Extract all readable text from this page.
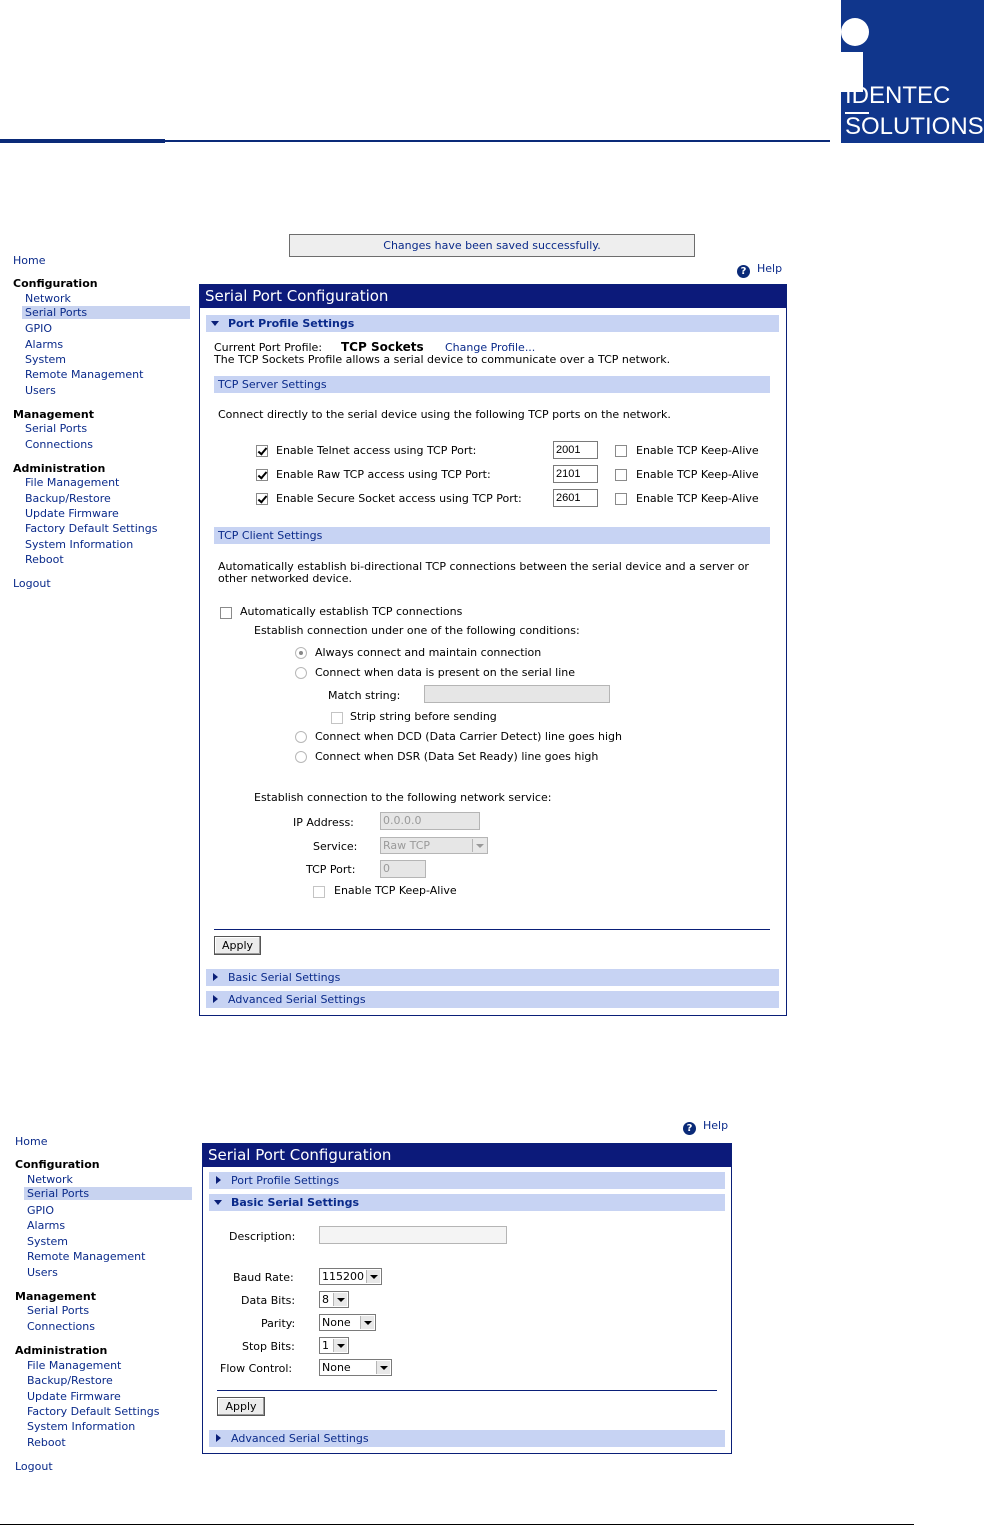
IDENTEC
SOLUTIONS
Changes have been saved successfully.
? Help
Home
Configuration
Network
Serial Ports
GPIO
Alarms
System
Remote Management
Users
Management
Serial Ports
Connections
Administration
File Management
Backup/Restore
Update Firmware
Factory Default Settings
System Information
Reboot
Logout
Serial Port Configuration
Port Profile Settings
Current Port Profile: TCP Sockets Change Profile...
The TCP Sockets Profile allows a serial device to communicate over a TCP network.
TCP Server Settings
Connect directly to the serial device using the following TCP ports on the network.
Enable Telnet access using TCP Port:
2001	Enable TCP Keep-Alive
Enable Raw TCP access using TCP Port:
2101	Enable TCP Keep-Alive
Enable Secure Socket access using TCP Port:
2601	Enable TCP Keep-Alive
TCP Client Settings
Automatically establish bi-directional TCP connections between the serial device and a server or
other networked device.
Automatically establish TCP connections
Establish connection under one of the following conditions:
Always connect and maintain connection
Connect when data is present on the serial line
Match string:
Strip string before sending
Connect when DCD (Data Carrier Detect) line goes high
Connect when DSR (Data Set Ready) line goes high
Establish connection to the following network service:
IP Address:	0.0.0.0
Service: Raw TCP
TCP Port:	0
Enable TCP Keep-Alive
Apply
Basic Serial Settings
Advanced Serial Settings
? Help
Home
Configuration
Network
Serial Ports
GPIO
Alarms
System
Remote Management
Users
Management
Serial Ports
Connections
Administration
File Management
Backup/Restore
Update Firmware
Factory Default Settings
System Information
Reboot
Logout
Serial Port Configuration
Port Profile Settings
Basic Serial Settings
Description:
Baud Rate:	115200
Data Bits: 8
Parity: None
Stop Bits: 1
Flow Control:	None
Apply
Advanced Serial Settings
